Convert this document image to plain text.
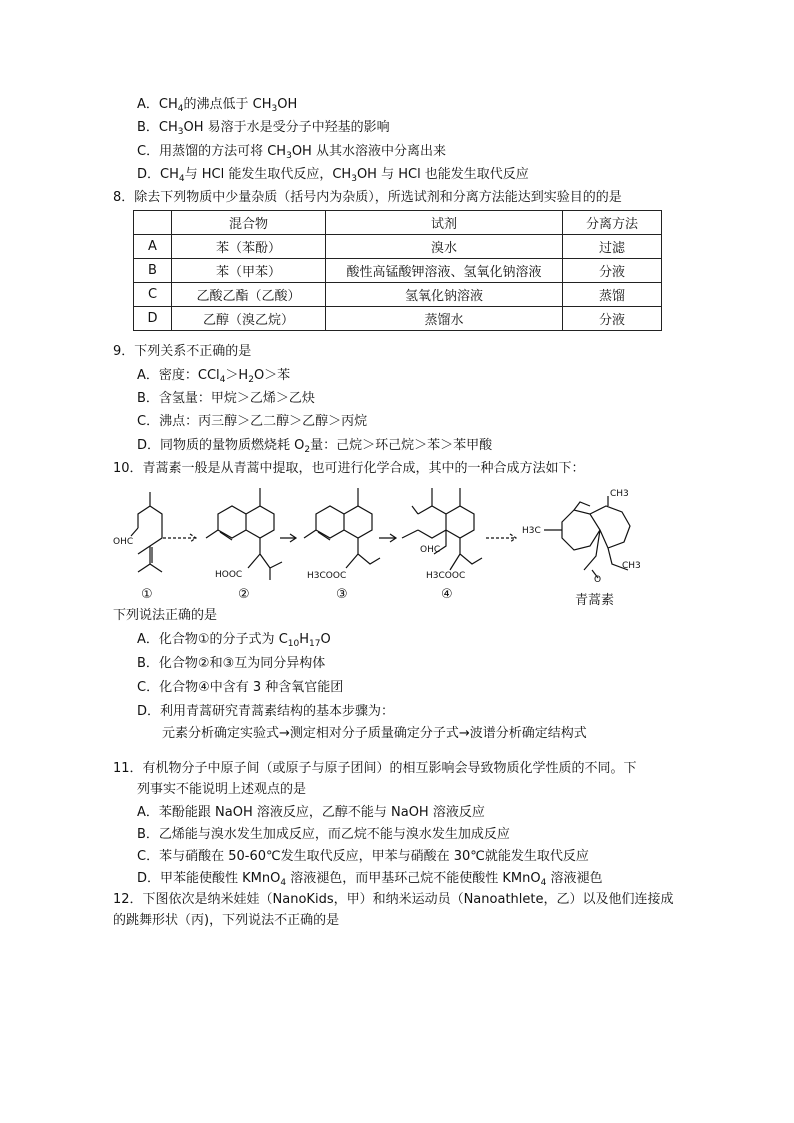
A．$CH_4$的沸点低于 $CH_3OH$
B．$CH_3OH$ 易溶于水是受分子中羟基的影响
C．用蒸馏的方法可将 $CH_3OH$ 从其水溶液中分离出来
D．$CH_4$与 HCl 能发生取代反应，$CH_3OH$ 与 HCl 也能发生取代反应
8．除去下列物质中少量杂质（括号内为杂质），所选试剂和分离方法能达到实验目的的是
	混合物	试剂	分离方法
A	苯（苯酚）	溴水	过滤
B	苯（甲苯）	酸性高锰酸钾溶液、氢氧化钠溶液	分液
C	乙酸乙酯（乙酸）	氢氧化钠溶液	蒸馏
D	乙醇（溴乙烷）	蒸馏水	分液
9．下列关系不正确的是
A．密度：$CCl_4>H_2O>$苯
B．含氢量：甲烷＞乙烯＞乙炔
C．沸点：丙三醇＞乙二醇＞乙醇＞丙烷
D．同物质的量物质燃烧耗 $O_2$量：己烷＞环己烷＞苯＞苯甲酸
10．青蒿素一般是从青蒿中提取，也可进行化学合成，其中的一种合成方法如下：
OHC
HOOC	H3COOC
OHC
H3COOC
CH3
H3C
CH3
O
①	②	③	④	青蒿素
下列说法正确的是
A．化合物①的分子式为 $C_{10}H_{17}O$
B．化合物②和③互为同分异构体
C．化合物④中含有 3 种含氧官能团
D．利用青蒿研究青蒿素结构的基本步骤为：
元素分析确定实验式→测定相对分子质量确定分子式→波谱分析确定结构式
11．有机物分子中原子间（或原子与原子团间）的相互影响会导致物质化学性质的不同。下
列事实不能说明上述观点的是
A．苯酚能跟 NaOH 溶液反应，乙醇不能与 NaOH 溶液反应
B．乙烯能与溴水发生加成反应，而乙烷不能与溴水发生加成反应
C．苯与硝酸在 50-60℃发生取代反应，甲苯与硝酸在 30℃就能发生取代反应
D．甲苯能使酸性 KMnO$_4$ 溶液褪色，而甲基环己烷不能使酸性 KMnO$_4$ 溶液褪色
12．下图依次是纳米娃娃（NanoKids，甲）和纳米运动员（Nanoathlete，乙）以及他们连接成
的跳舞形状（丙)，下列说法不正确的是
